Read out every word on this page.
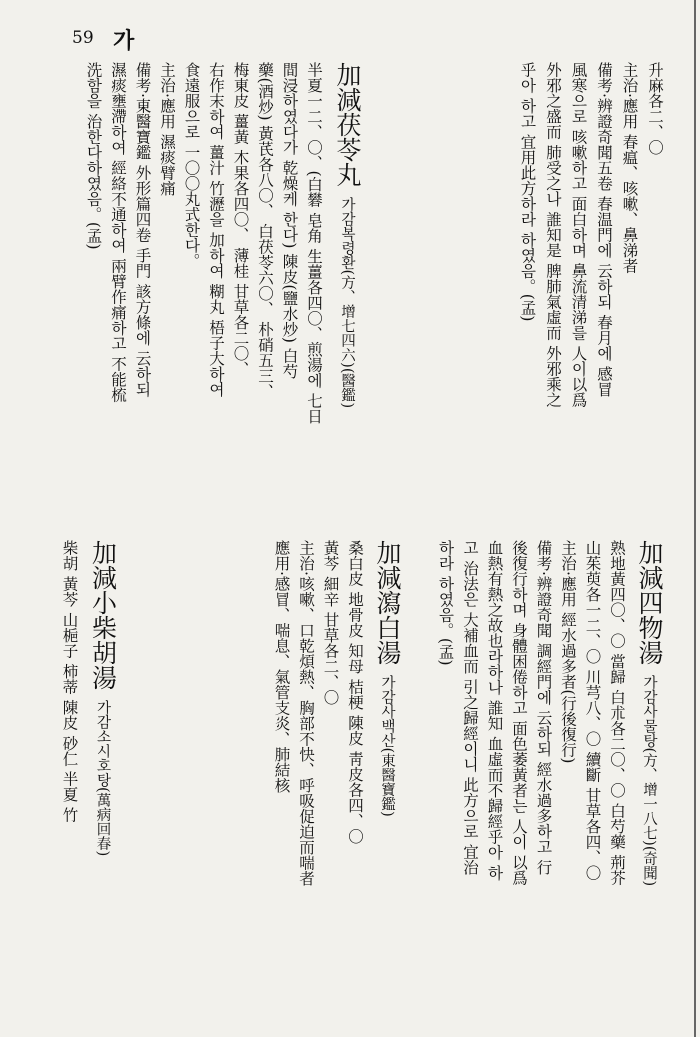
59 가
升麻各二、〇
主治·應用 春瘟、咳嗽、鼻涕者
備考·辨證奇聞五卷 春温門에 云하되 春月에 感冒
風寒으로 咳嗽하고 面白하며 鼻流清涕를 人이以爲
外邪之盛而 肺受之나 誰知是 脾肺氣虛而 外邪乘之
乎아 하고 宜用此方하라 하였음。(孟)
加減茯苓丸가감복령환(方、增七四六)(醫鑑)
半夏一二、〇、(白礬 皂角 生薑各四〇、煎湯에 七日
間浸하였다가 乾燥케 한다) 陳皮(鹽水炒) 白芍
藥(酒炒) 黃芪各八〇、 白茯苓六〇、 朴硝五三、
梅東皮 薑黃 木果各四〇、 薄桂 甘草各二〇、
右作末하여 薑汁 竹瀝을 加하여 糊丸 梧子大하여
食遠服으로 一〇〇丸式한다。
主治·應用 濕痰臂痛
備考·東醫寶鑑 外形篇四卷 手門 該方條에 云하되
濕痰壅滯하여 經絡不通하여 兩臂作痛하고 不能梳
洗함을 治한다하였음。(孟)
加減四物湯가감사물탕(方、增一八七)(奇聞)
熟地黃四〇、〇 當歸 白朮各二〇、〇 白芍藥 荊芥
山茱萸各一二、〇 川芎八、〇 續斷 甘草各四、〇
主治·應用 經水過多者(行後復行)
備考·辨證奇聞 調經門에 云하되 經水過多하고 行
後復行하며 身體困倦하고 面色萎黃者는 人이 以爲
血熱有熱之故也라하나 誰知 血虛而不歸經乎아 하
고 治法은 大補血而 引之歸經이니 此方으로 宜治
하라 하였음。(孟)
加減瀉白湯가감사백산(東醫寶鑑)
桑白皮 地骨皮 知母 桔梗 陳皮 靑皮各四、〇
黃芩 細辛 甘草各二、〇
主治·咳嗽、口乾煩熱、胸部不快、呼吸促迫而喘者
應用·感冒、喘息、氣管支炎、肺結核
加減小柴胡湯가감소시호탕(萬病回春)
柴胡 黃芩 山梔子 柿蒂 陳皮 砂仁 半夏 竹
